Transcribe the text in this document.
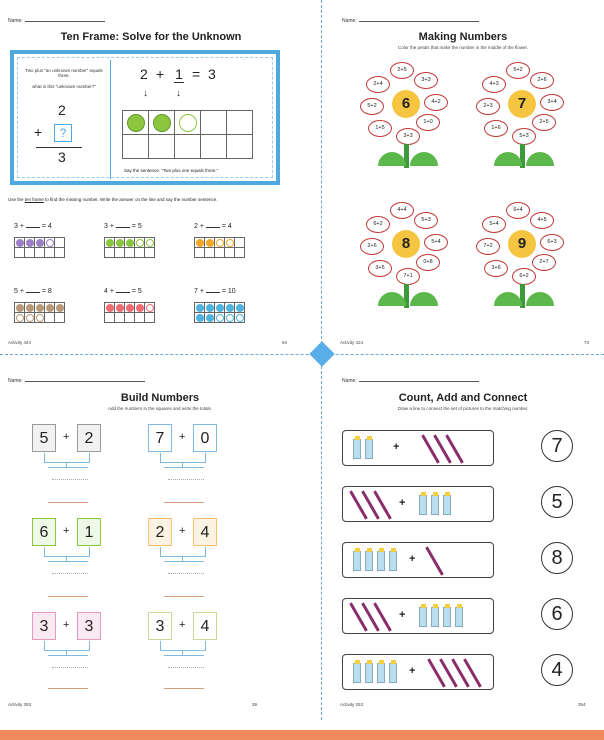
Name:
Ten Frame: Solve for the Unknown
Two plus "an unknown number" equals three.
what is this "unknown number?"
2
+	?
3
2 + 1 = 3
↓	↓

Say the sentence: "Two plus one equals three."
Use the ten frame to find the missing number. Write the answer on the line and say the number sentence.
3 +	= 4

					3 +	= 5

					2 +	= 4

5 +	= 8

			4 +	= 5

					7 +	= 10

Activity 444	94
Name:
Making Numbers
Color the petals that make the number in the middle of the flower.
2+5
3+3
4+2
1+0
3+3
1+5
5+2
2+4
6
5+2
2+6
3+4
2+5
5+3
1+6
2+3
4+3
7
4+4
5+3
5+4
0+8
7+1
3+5
2+6
6+2
8
6+4
4+5
6+3
2+7
6+2
3+6
7+2
5+4
9
Activity 424	73
Name:
Build Numbers
Add the numbers in the squares and write the totals.
5	+ 2	7	+ 0
6	+ 1	2	+ 4
3	+ 3	3	+ 4
Activity 393	39
Name:
Count, Add and Connect
Draw a line to connect the set of pictures to the matching number.
+	7
+	5
+	8
+	6
+	4
Activity 253	354
